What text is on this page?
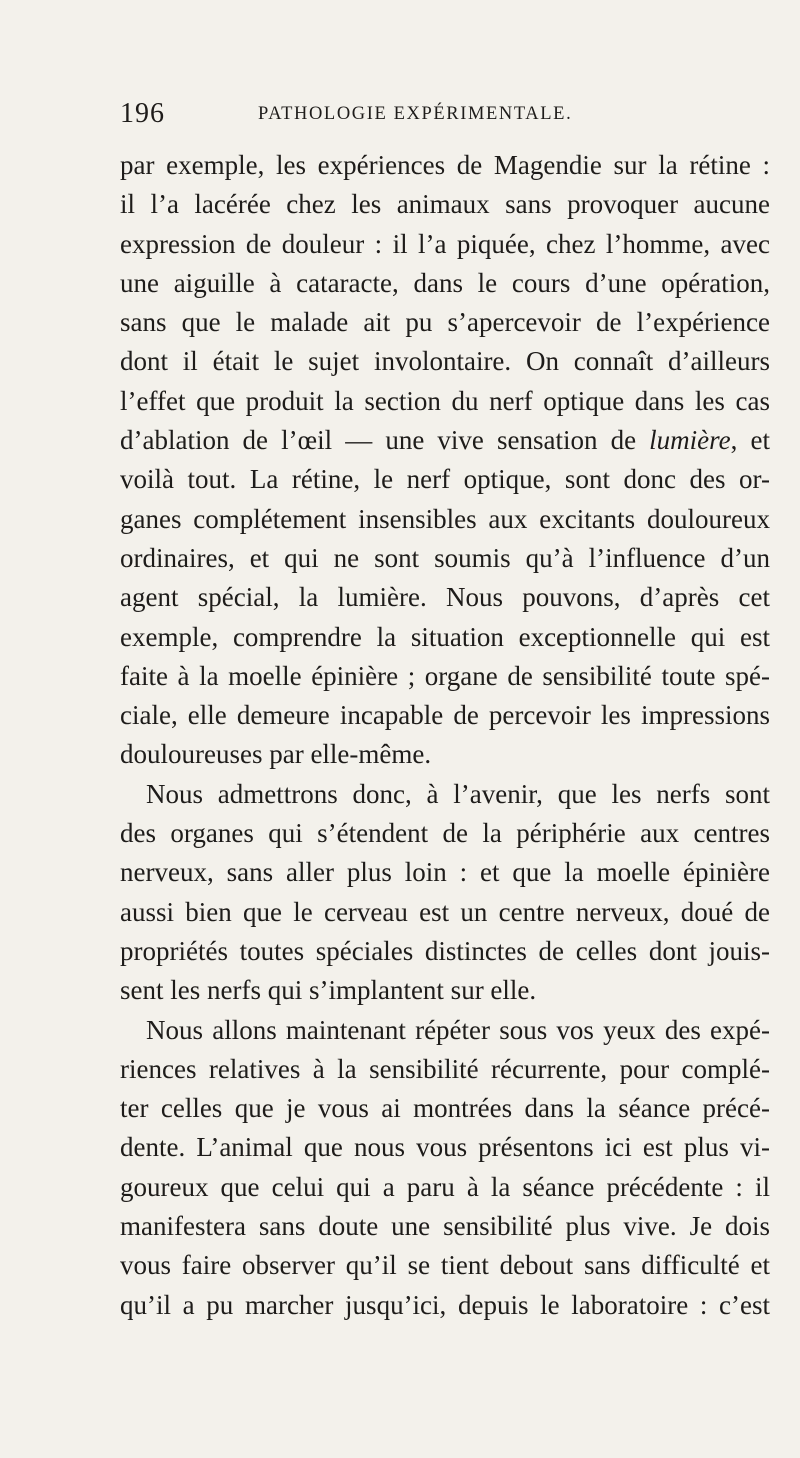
196	PATHOLOGIE EXPÉRIMENTALE.
par exemple, les expériences de Magendie sur la rétine :
il l’a lacérée chez les animaux sans provoquer aucune
expression de douleur : il l’a piquée, chez l’homme, avec
une aiguille à cataracte, dans le cours d’une opération,
sans que le malade ait pu s’apercevoir de l’expérience
dont il était le sujet involontaire. On connaît d’ailleurs
l’effet que produit la section du nerf optique dans les cas
d’ablation de l’œil — une vive sensation de lumière, et
voilà tout. La rétine, le nerf optique, sont donc des or-
ganes complétement insensibles aux excitants douloureux
ordinaires, et qui ne sont soumis qu’à l’influence d’un
agent spécial, la lumière. Nous pouvons, d’après cet
exemple, comprendre la situation exceptionnelle qui est
faite à la moelle épinière ; organe de sensibilité toute spé-
ciale, elle demeure incapable de percevoir les impressions
douloureuses par elle-même.
Nous admettrons donc, à l’avenir, que les nerfs sont
des organes qui s’étendent de la périphérie aux centres
nerveux, sans aller plus loin : et que la moelle épinière
aussi bien que le cerveau est un centre nerveux, doué de
propriétés toutes spéciales distinctes de celles dont jouis-
sent les nerfs qui s’implantent sur elle.
Nous allons maintenant répéter sous vos yeux des expé-
riences relatives à la sensibilité récurrente, pour complé-
ter celles que je vous ai montrées dans la séance précé-
dente. L’animal que nous vous présentons ici est plus vi-
goureux que celui qui a paru à la séance précédente : il
manifestera sans doute une sensibilité plus vive. Je dois
vous faire observer qu’il se tient debout sans difficulté et
qu’il a pu marcher jusqu’ici, depuis le laboratoire : c’est
